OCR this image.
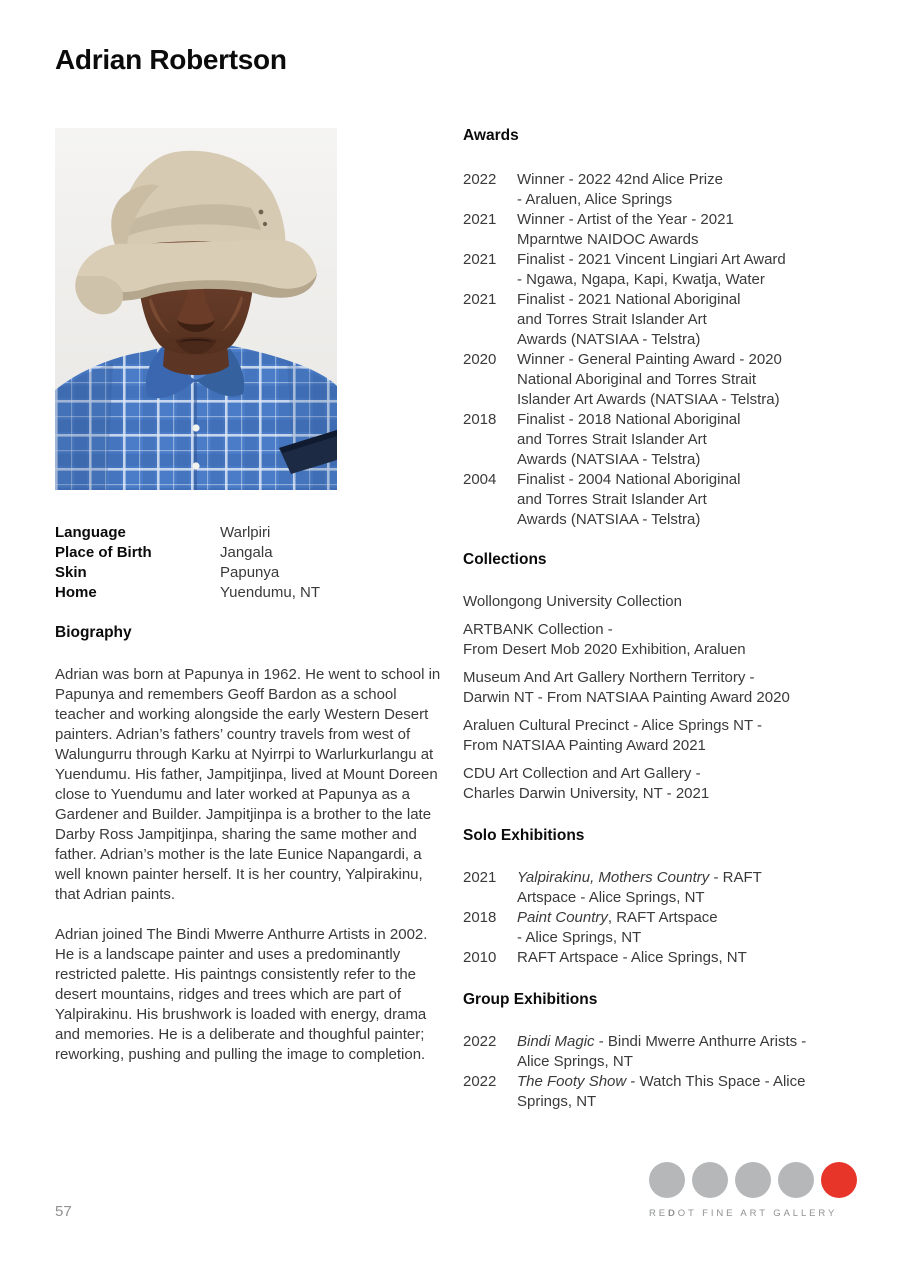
Adrian Robertson
Language	Warlpiri
Place of Birth	Jangala
Skin	Papunya
Home	Yuendumu, NT
Biography

Adrian was born at Papunya in 1962. He went to school in Papunya and remembers Geoff Bardon as a school teacher and working alongside the early Western Desert painters. Adrian’s fathers’ country travels from west of Walungurru through Karku at Nyirrpi to Warlurkurlangu at Yuendumu. His father, Jampitjinpa, lived at Mount Doreen close to Yuendumu and later worked at Papunya as a Gardener and Builder. Jampitjinpa is a brother to the late Darby Ross Jampitjinpa, sharing the same mother and father. Adrian’s mother is the late Eunice Napangardi, a well known painter herself. It is her country, Yalpirakinu, that Adrian paints.

Adrian joined The Bindi Mwerre Anthurre Artists in 2002. He is a landscape painter and uses a predominantly restricted palette. His paintngs consistently refer to the desert mountains, ridges and trees which are part of Yalpirakinu. His brushwork is loaded with energy, drama and memories. He is a deliberate and thoughful painter; reworking, pushing and pulling the image to completion.

Awards
2022	Winner - 2022 42nd Alice Prize
- Araluen, Alice Springs
2021	Winner - Artist of the Year - 2021
Mparntwe NAIDOC Awards
2021	Finalist - 2021 Vincent Lingiari Art Award
- Ngawa, Ngapa, Kapi, Kwatja, Water
2021	Finalist - 2021 National Aboriginal
and Torres Strait Islander Art
Awards (NATSIAA - Telstra)
2020	Winner - General Painting Award - 2020
National Aboriginal and Torres Strait
Islander Art Awards (NATSIAA - Telstra)
2018	Finalist - 2018 National Aboriginal
and Torres Strait Islander Art
Awards (NATSIAA - Telstra)
2004	Finalist - 2004 National Aboriginal
and Torres Strait Islander Art
Awards (NATSIAA - Telstra)
Collections
Wollongong University Collection
ARTBANK Collection -
From Desert Mob 2020 Exhibition, Araluen
Museum And Art Gallery Northern Territory -
Darwin NT - From NATSIAA Painting Award 2020
Araluen Cultural Precinct - Alice Springs NT -
From NATSIAA Painting Award 2021
CDU Art Collection and Art Gallery -
Charles Darwin University, NT - 2021
Solo Exhibitions
2021	Yalpirakinu, Mothers Country - RAFT
Artspace - Alice Springs, NT
2018	Paint Country, RAFT Artspace
- Alice Springs, NT
2010	RAFT Artspace - Alice Springs, NT
Group Exhibitions
2022	Bindi Magic - Bindi Mwerre Anthurre Arists -
Alice Springs, NT
2022	The Footy Show - Watch This Space - Alice
Springs, NT
REDOT FINE ART GALLERY
57
